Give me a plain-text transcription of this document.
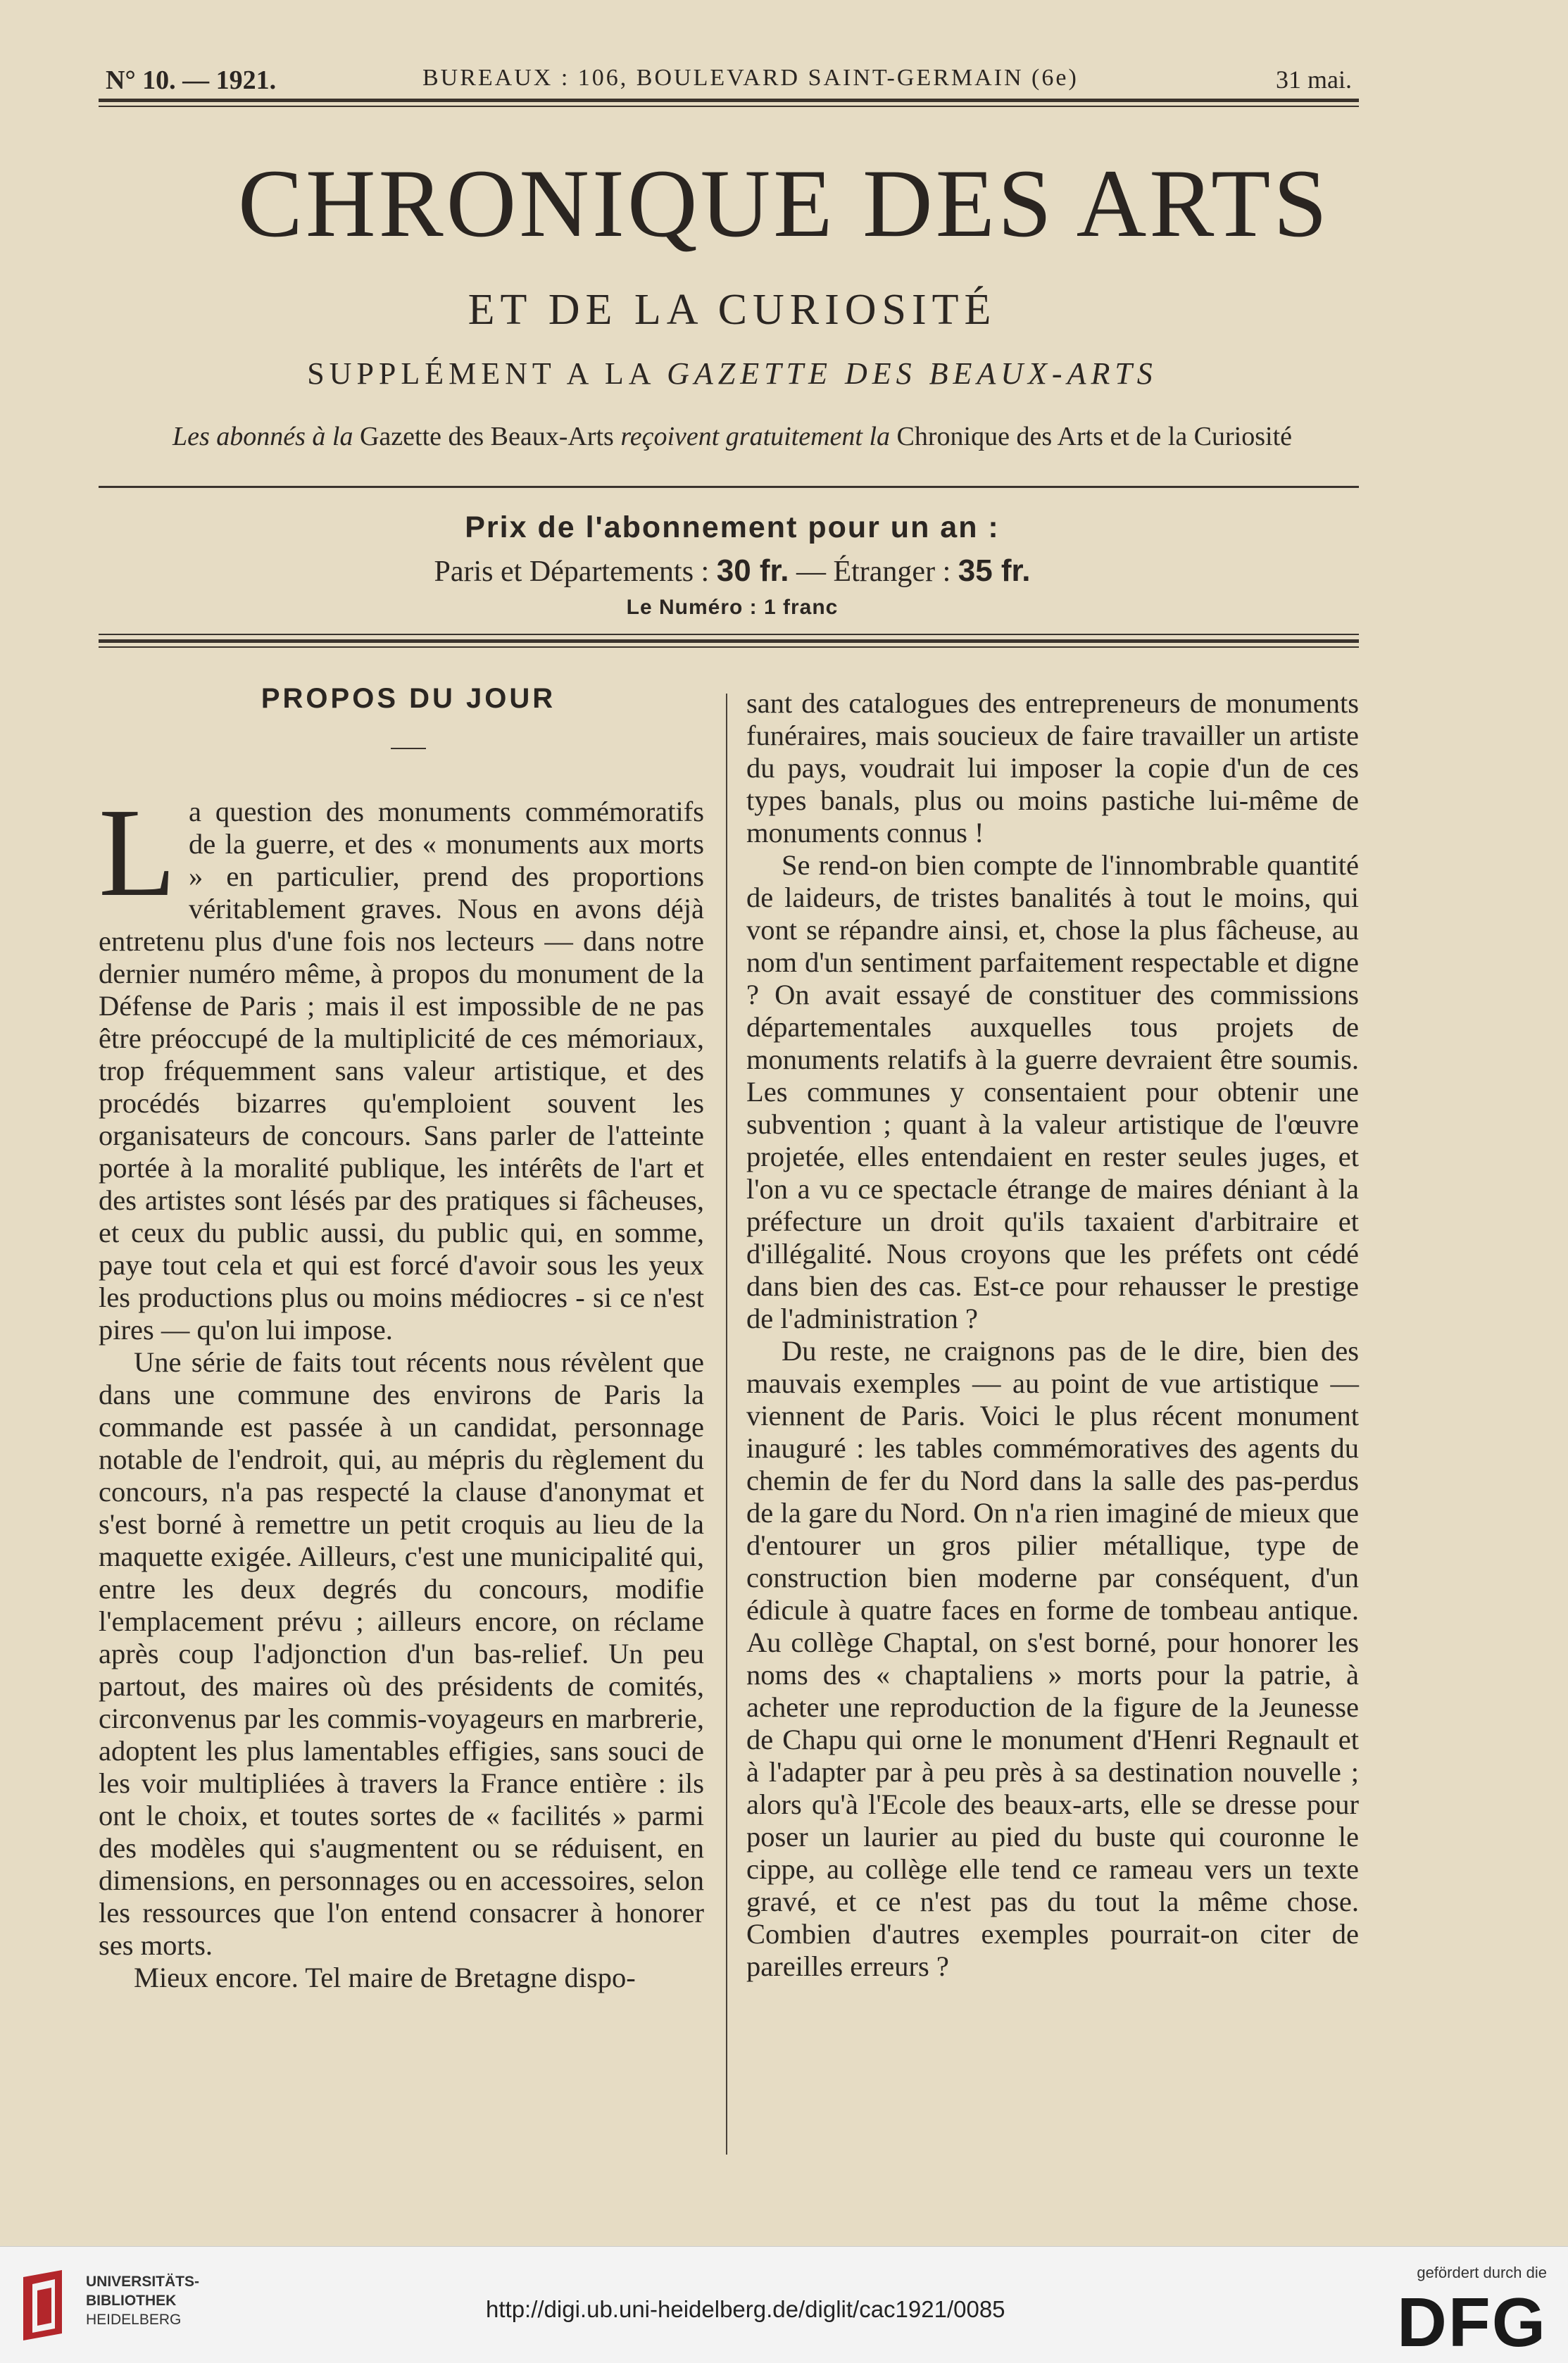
N° 10. — 1921.	BUREAUX : 106, BOULEVARD SAINT-GERMAIN (6e)	31 mai.
CHRONIQUE DES ARTS
ET DE LA CURIOSITÉ
SUPPLÉMENT A LA GAZETTE DES BEAUX-ARTS
Les abonnés à la Gazette des Beaux-Arts reçoivent gratuitement la Chronique des Arts et de la Curiosité
Prix de l'abonnement pour un an :
Paris et Départements : 30 fr. — Étranger : 35 fr.
Le Numéro : 1 franc
PROPOS DU JOUR

La question des monuments commémoratifs de la guerre, et des « monuments aux morts » en particulier, prend des proportions véritablement graves. Nous en avons déjà entretenu plus d'une fois nos lecteurs — dans notre dernier numéro même, à propos du monument de la Défense de Paris ; mais il est impossible de ne pas être préoccupé de la multiplicité de ces mémoriaux, trop fréquemment sans valeur artistique, et des procédés bizarres qu'emploient souvent les organisateurs de concours. Sans parler de l'atteinte portée à la moralité publique, les intérêts de l'art et des artistes sont lésés par des pratiques si fâcheuses, et ceux du public aussi, du public qui, en somme, paye tout cela et qui est forcé d'avoir sous les yeux les productions plus ou moins médiocres - si ce n'est pires — qu'on lui impose.

Une série de faits tout récents nous révèlent que dans une commune des environs de Paris la commande est passée à un candidat, personnage notable de l'endroit, qui, au mépris du règlement du concours, n'a pas respecté la clause d'anonymat et s'est borné à remettre un petit croquis au lieu de la maquette exigée. Ailleurs, c'est une municipalité qui, entre les deux degrés du concours, modifie l'emplacement prévu ; ailleurs encore, on réclame après coup l'adjonction d'un bas-relief. Un peu partout, des maires où des présidents de comités, circonvenus par les commis-voyageurs en marbrerie, adoptent les plus lamentables effigies, sans souci de les voir multipliées à travers la France entière : ils ont le choix, et toutes sortes de « facilités » parmi des modèles qui s'augmentent ou se réduisent, en dimensions, en personnages ou en accessoires, selon les ressources que l'on entend consacrer à honorer ses morts.

Mieux encore. Tel maire de Bretagne dispo-

sant des catalogues des entrepreneurs de monuments funéraires, mais soucieux de faire travailler un artiste du pays, voudrait lui imposer la copie d'un de ces types banals, plus ou moins pastiche lui-même de monuments connus !

Se rend-on bien compte de l'innombrable quantité de laideurs, de tristes banalités à tout le moins, qui vont se répandre ainsi, et, chose la plus fâcheuse, au nom d'un sentiment parfaitement respectable et digne ? On avait essayé de constituer des commissions départementales auxquelles tous projets de monuments relatifs à la guerre devraient être soumis. Les communes y consentaient pour obtenir une subvention ; quant à la valeur artistique de l'œuvre projetée, elles entendaient en rester seules juges, et l'on a vu ce spectacle étrange de maires déniant à la préfecture un droit qu'ils taxaient d'arbitraire et d'illégalité. Nous croyons que les préfets ont cédé dans bien des cas. Est-ce pour rehausser le prestige de l'administration ?

Du reste, ne craignons pas de le dire, bien des mauvais exemples — au point de vue artistique — viennent de Paris. Voici le plus récent monument inauguré : les tables commémoratives des agents du chemin de fer du Nord dans la salle des pas-perdus de la gare du Nord. On n'a rien imaginé de mieux que d'entourer un gros pilier métallique, type de construction bien moderne par conséquent, d'un édicule à quatre faces en forme de tombeau antique. Au collège Chaptal, on s'est borné, pour honorer les noms des « chaptaliens » morts pour la patrie, à acheter une reproduction de la figure de la Jeunesse de Chapu qui orne le monument d'Henri Regnault et à l'adapter par à peu près à sa destination nouvelle ; alors qu'à l'Ecole des beaux-arts, elle se dresse pour poser un laurier au pied du buste qui couronne le cippe, au collège elle tend ce rameau vers un texte gravé, et ce n'est pas du tout la même chose. Combien d'autres exemples pourrait-on citer de pareilles erreurs ?

UNIVERSITÄTS-
BIBLIOTHEK
HEIDELBERG	http://digi.ub.uni-heidelberg.de/diglit/cac1921/0085
gefördert durch die
DFG
